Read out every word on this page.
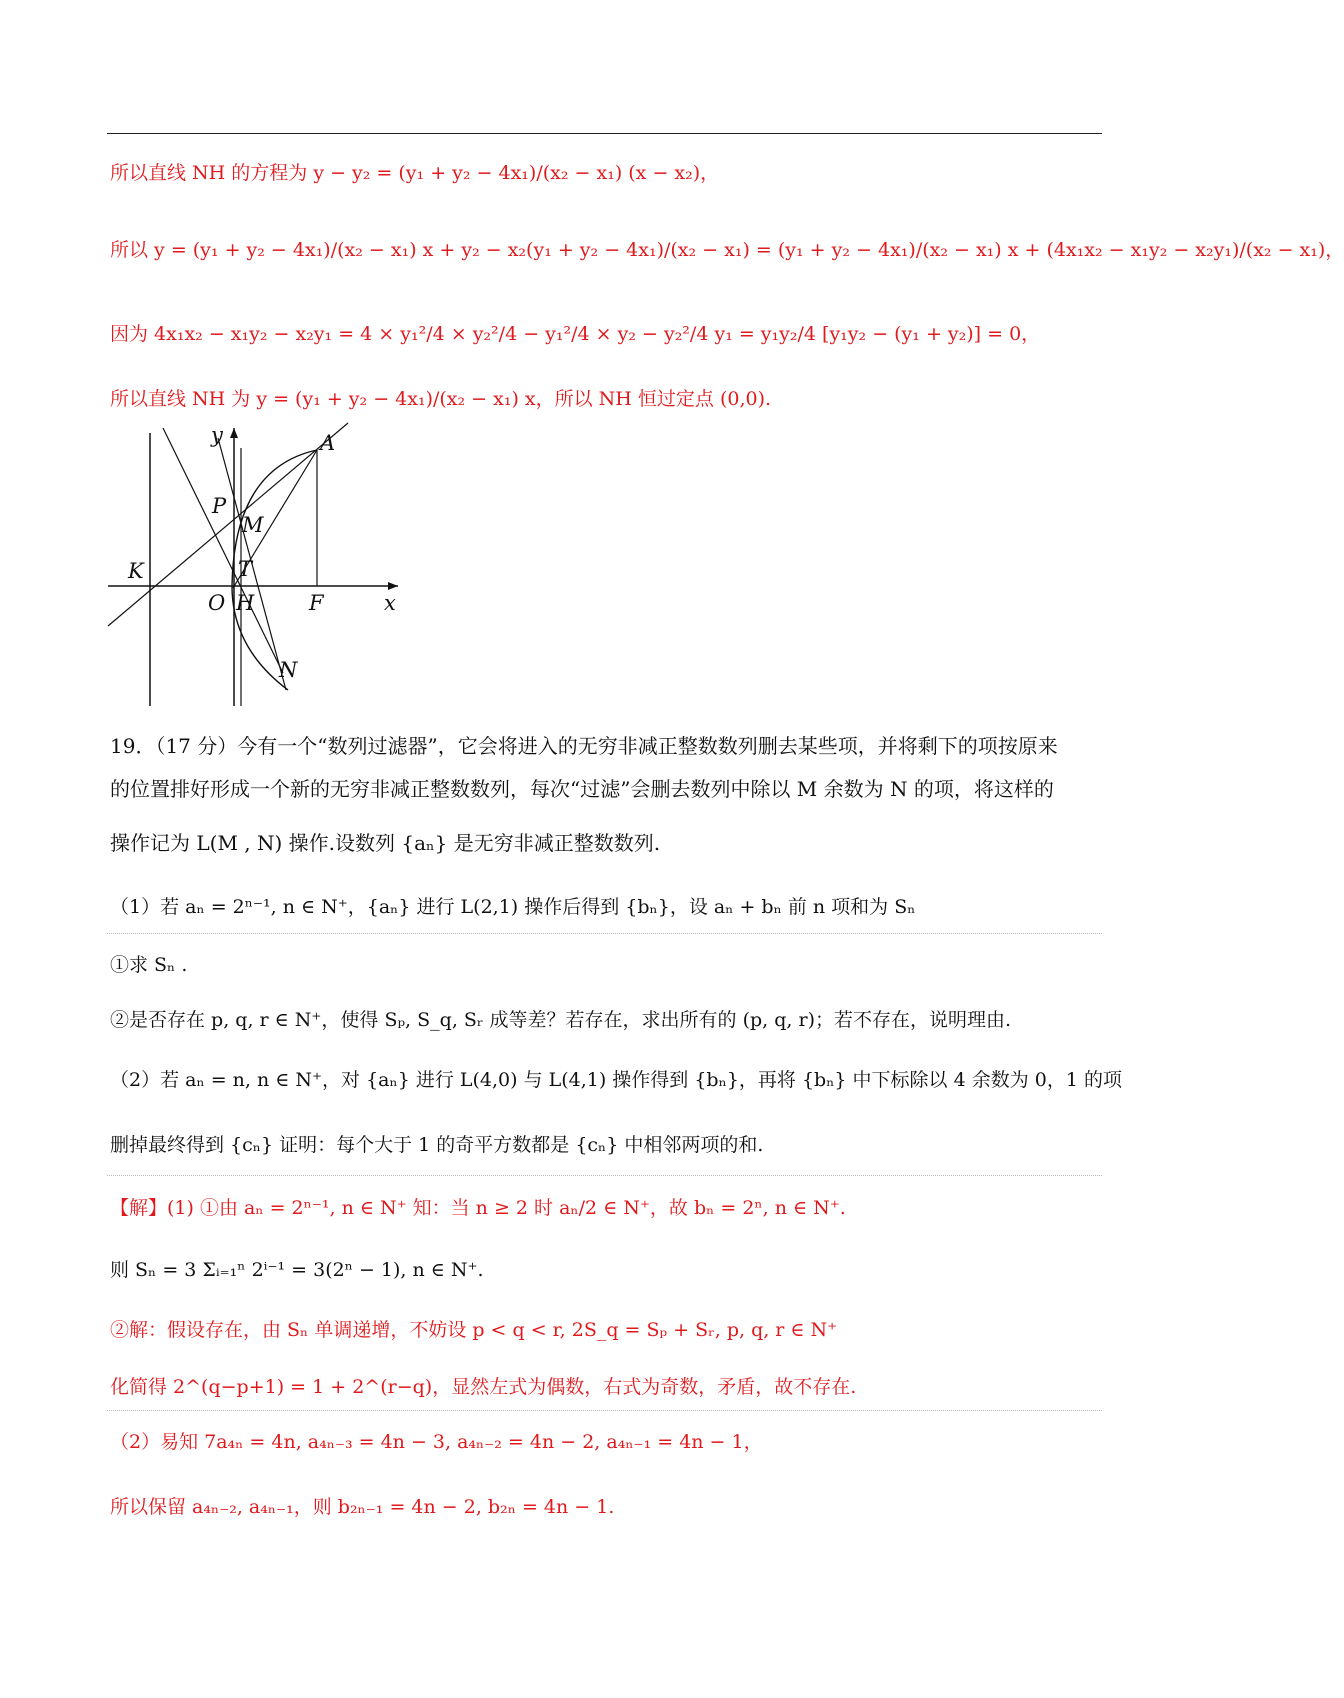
所以直线 NH 的方程为 y − y₂ = (y₁ + y₂ − 4x₁)/(x₂ − x₁) (x − x₂)，
所以 y = (y₁ + y₂ − 4x₁)/(x₂ − x₁) x + y₂ − x₂(y₁ + y₂ − 4x₁)/(x₂ − x₁) = (y₁ + y₂ − 4x₁)/(x₂ − x₁) x + (4x₁x₂ − x₁y₂ − x₂y₁)/(x₂ − x₁)，
因为 4x₁x₂ − x₁y₂ − x₂y₁ = 4 × y₁²/4 × y₂²/4 − y₁²/4 × y₂ − y₂²/4 y₁ = y₁y₂/4 [y₁y₂ − (y₁ + y₂)] = 0，
所以直线 NH 为 y = (y₁ + y₂ − 4x₁)/(x₂ − x₁) x，所以 NH 恒过定点 (0,0).
y	A
P
M
K	T
O H	F	x
N
19．（17 分）今有一个“数列过滤器”，它会将进入的无穷非减正整数数列删去某些项，并将剩下的项按原来
的位置排好形成一个新的无穷非减正整数数列，每次“过滤”会删去数列中除以 M 余数为 N 的项，将这样的
操作记为 L(M , N) 操作.设数列 {aₙ} 是无穷非减正整数数列.
（1）若 aₙ = 2ⁿ⁻¹, n ∈ N⁺，{aₙ} 进行 L(2,1) 操作后得到 {bₙ}，设 aₙ + bₙ 前 n 项和为 Sₙ
①求 Sₙ .
②是否存在 p, q, r ∈ N⁺，使得 Sₚ, S_q, Sᵣ 成等差？若存在，求出所有的 (p, q, r)；若不存在，说明理由.
（2）若 aₙ = n, n ∈ N⁺，对 {aₙ} 进行 L(4,0) 与 L(4,1) 操作得到 {bₙ}，再将 {bₙ} 中下标除以 4 余数为 0，1 的项
删掉最终得到 {cₙ} 证明：每个大于 1 的奇平方数都是 {cₙ} 中相邻两项的和.
【解】(1) ①由 aₙ = 2ⁿ⁻¹, n ∈ N⁺ 知：当 n ≥ 2 时 aₙ/2 ∈ N⁺，故 bₙ = 2ⁿ, n ∈ N⁺.
则 Sₙ = 3 Σᵢ₌₁ⁿ 2ⁱ⁻¹ = 3(2ⁿ − 1), n ∈ N⁺.
②解：假设存在，由 Sₙ 单调递增，不妨设 p < q < r, 2S_q = Sₚ + Sᵣ, p, q, r ∈ N⁺
化简得 2^(q−p+1) = 1 + 2^(r−q)，显然左式为偶数，右式为奇数，矛盾，故不存在.
（2）易知 7a₄ₙ = 4n, a₄ₙ₋₃ = 4n − 3, a₄ₙ₋₂ = 4n − 2, a₄ₙ₋₁ = 4n − 1，
所以保留 a₄ₙ₋₂, a₄ₙ₋₁，则 b₂ₙ₋₁ = 4n − 2, b₂ₙ = 4n − 1.
